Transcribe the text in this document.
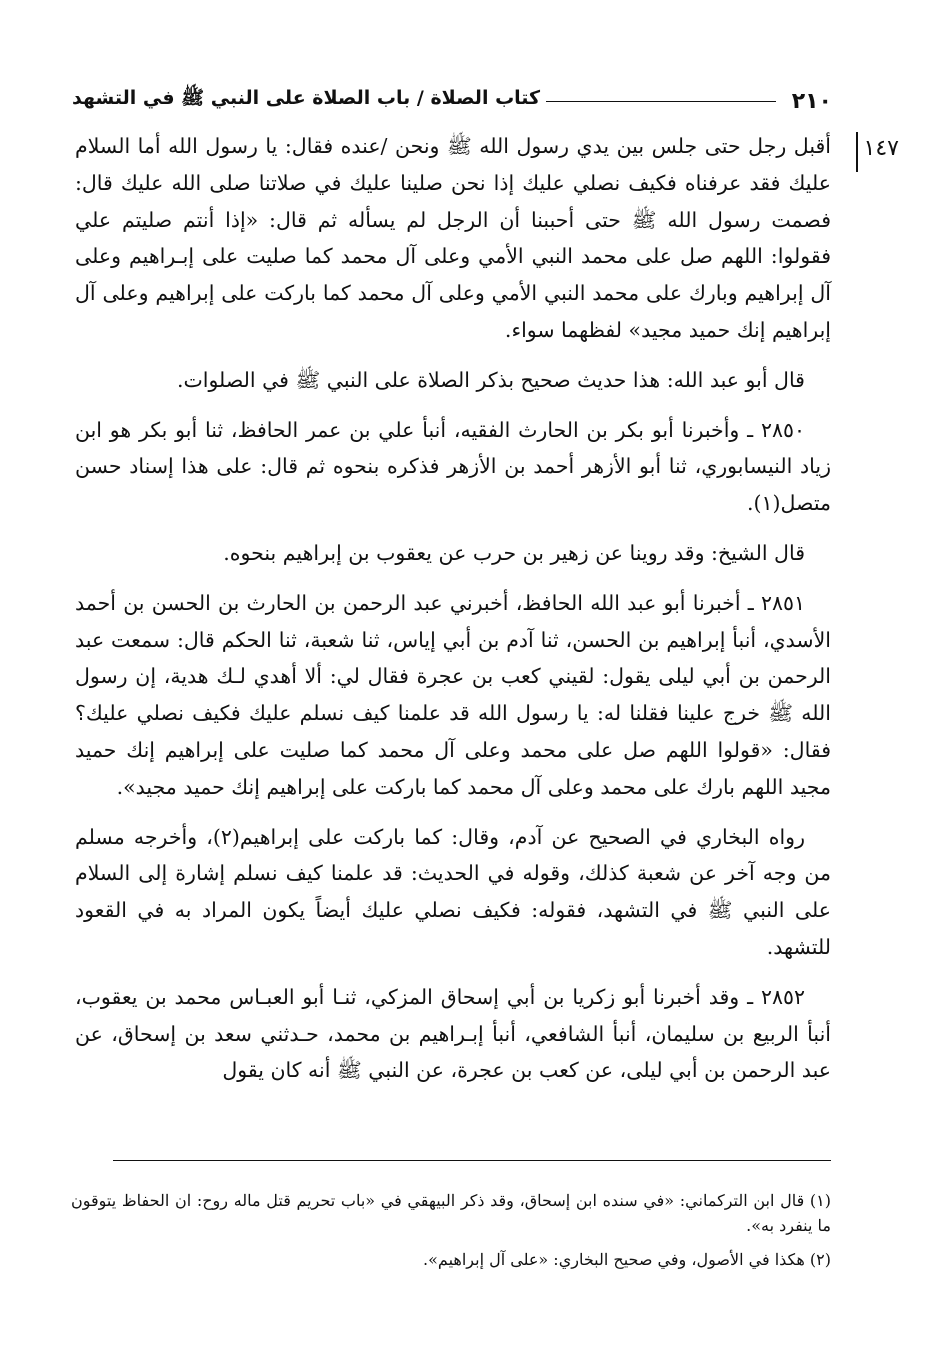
٢١٠
كتاب الصلاة / باب الصلاة على النبي ﷺ في التشهد
١٤٧

أقبل رجل حتى جلس بين يدي رسول الله ﷺ ونحن /عنده فقال: يا رسول الله أما السلام عليك فقد عرفناه فكيف نصلي عليك إذا نحن صلينا عليك في صلاتنا صلى الله عليك قال: فصمت رسول الله ﷺ حتى أحببنا أن الرجل لم يسأله ثم قال: «إذا أنتم صليتم علي فقولوا: اللهم صل على محمد النبي الأمي وعلى آل محمد كما صليت على إبـراهيم وعلى آل إبراهيم وبارك على محمد النبي الأمي وعلى آل محمد كما باركت على إبراهيم وعلى آل إبراهيم إنك حميد مجيد» لفظهما سواء.

قال أبو عبد الله: هذا حديث صحيح بذكر الصلاة على النبي ﷺ في الصلوات.

٢٨٥٠ ـ وأخبرنا أبو بكر بن الحارث الفقيه، أنبأ علي بن عمر الحافظ، ثنا أبو بكر هو ابن زياد النيسابوري، ثنا أبو الأزهر أحمد بن الأزهر فذكره بنحوه ثم قال: على هذا إسناد حسن متصل(١).

قال الشيخ: وقد روينا عن زهير بن حرب عن يعقوب بن إبراهيم بنحوه.

٢٨٥١ ـ أخبرنا أبو عبد الله الحافظ، أخبرني عبد الرحمن بن الحارث بن الحسن بن أحمد الأسدي، أنبأ إبراهيم بن الحسن، ثنا آدم بن أبي إياس، ثنا شعبة، ثنا الحكم قال: سمعت عبد الرحمن بن أبي ليلى يقول: لقيني كعب بن عجرة فقال لي: ألا أهدي لـك هدية، إن رسول الله ﷺ خرج علينا فقلنا له: يا رسول الله قد علمنا كيف نسلم عليك فكيف نصلي عليك؟ فقال: «قولوا اللهم صل على محمد وعلى آل محمد كما صليت على إبراهيم إنك حميد مجيد اللهم بارك على محمد وعلى آل محمد كما باركت على إبراهيم إنك حميد مجيد».

رواه البخاري في الصحيح عن آدم، وقال: كما باركت على إبراهيم(٢)، وأخرجه مسلم من وجه آخر عن شعبة كذلك، وقوله في الحديث: قد علمنا كيف نسلم إشارة إلى السلام على النبي ﷺ في التشهد، فقوله: فكيف نصلي عليك أيضاً يكون المراد به في القعود للتشهد.

٢٨٥٢ ـ وقد أخبرنا أبو زكريا بن أبي إسحاق المزكي، ثنـا أبو العبـاس محمد بن يعقوب، أنبأ الربيع بن سليمان، أنبأ الشافعي، أنبأ إبـراهيم بن محمد، حـدثني سعد بن إسحاق، عن عبد الرحمن بن أبي ليلى، عن كعب بن عجرة، عن النبي ﷺ أنه كان يقول

(١) قال ابن التركماني: «في سنده ابن إسحاق، وقد ذكر البيهقي في «باب تحريم قتل ماله روح: ان الحفاظ يتوقون ما ينفرد به».

(٢) هكذا في الأصول، وفي صحيح البخاري: «على آل إبراهيم».
